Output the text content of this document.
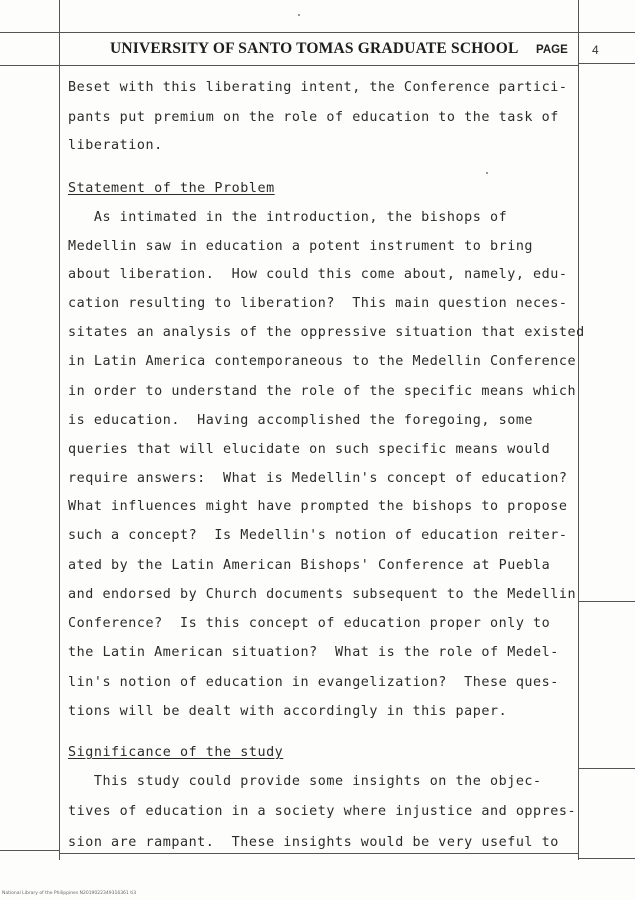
UNIVERSITY OF SANTO TOMAS GRADUATE SCHOOL PAGE 4
Beset with this liberating intent, the Conference partici-
pants put premium on the role of education to the task of
liberation.
Statement of the Problem
As intimated in the introduction, the bishops of
Medellin saw in education a potent instrument to bring
about liberation.  How could this come about, namely, edu-
cation resulting to liberation?  This main question neces-
sitates an analysis of the oppressive situation that existed
in Latin America contemporaneous to the Medellin Conference
in order to understand the role of the specific means which
is education.  Having accomplished the foregoing, some
queries that will elucidate on such specific means would
require answers:  What is Medellin's concept of education?
What influences might have prompted the bishops to propose
such a concept?  Is Medellin's notion of education reiter-
ated by the Latin American Bishops' Conference at Puebla
and endorsed by Church documents subsequent to the Medellin
Conference?  Is this concept of education proper only to
the Latin American situation?  What is the role of Medel-
lin's notion of education in evangelization?  These ques-
tions will be dealt with accordingly in this paper.
Significance of the study
This study could provide some insights on the objec-
tives of education in a society where injustice and oppres-
sion are rampant.  These insights would be very useful to
National Library of the Philippines N2019022349316361 ti3
